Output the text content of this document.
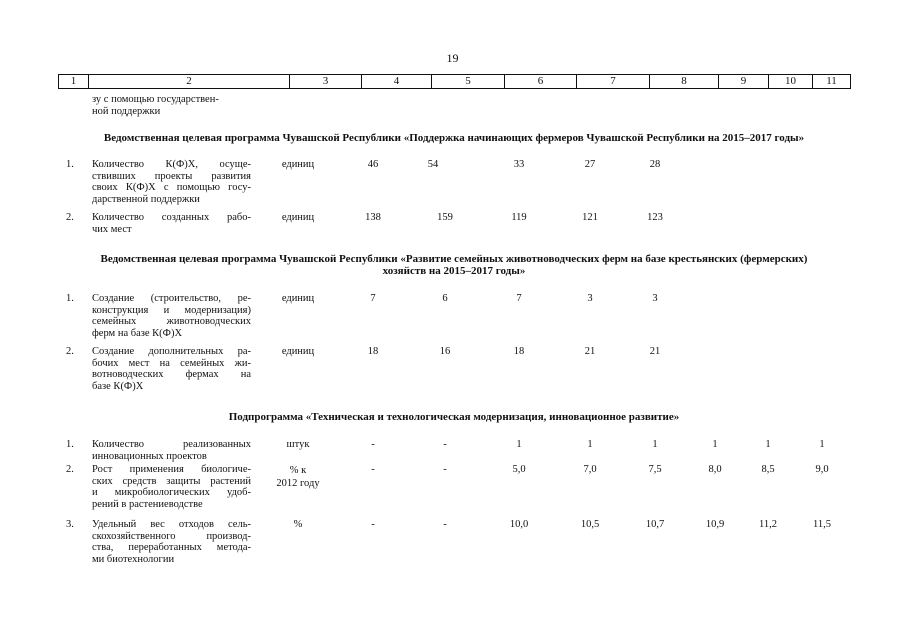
19
1	2	3	4	5	6	7	8	9	10	11
зу с помощью государствен-
ной поддержки
Ведомственная целевая программа Чувашской Республики «Поддержка начинающих фермеров Чувашской Республики на 2015–2017 годы»
1. Количество К(Ф)Х, осуще-
ствивших проекты развития
своих К(Ф)Х с помощью госу-
дарственной поддержки
единиц	46	54	33	27	28
2. Количество созданных рабо-
чих мест
единиц	138	159	119	121	123
Ведомственная целевая программа Чувашской Республики «Развитие семейных животноводческих ферм на базе крестьянских (фермерских)
хозяйств на 2015–2017 годы»
1. Создание (строительство, ре-
конструкция и модернизация)
семейных животноводческих
ферм на базе К(Ф)Х
единиц	7	6	7	3	3
2. Создание дополнительных ра-
бочих мест на семейных жи-
вотноводческих фермах на
базе К(Ф)Х
единиц	18	16	18	21	21
Подпрограмма «Техническая и технологическая модернизация, инновационное развитие»
1. Количество реализованных
инновационных проектов
штук	-	-	1	1	1	1	1	1
2. Рост применения биологиче-
ских средств защиты растений
и микробиологических удоб-
рений в растениеводстве
% к
2012 году
-	-	5,0	7,0	7,5	8,0	8,5	9,0
3. Удельный вес отходов сель-
скохозяйственного производ-
ства, переработанных метода-
ми биотехнологии
%	-	-	10,0	10,5	10,7	10,9	11,2	11,5
